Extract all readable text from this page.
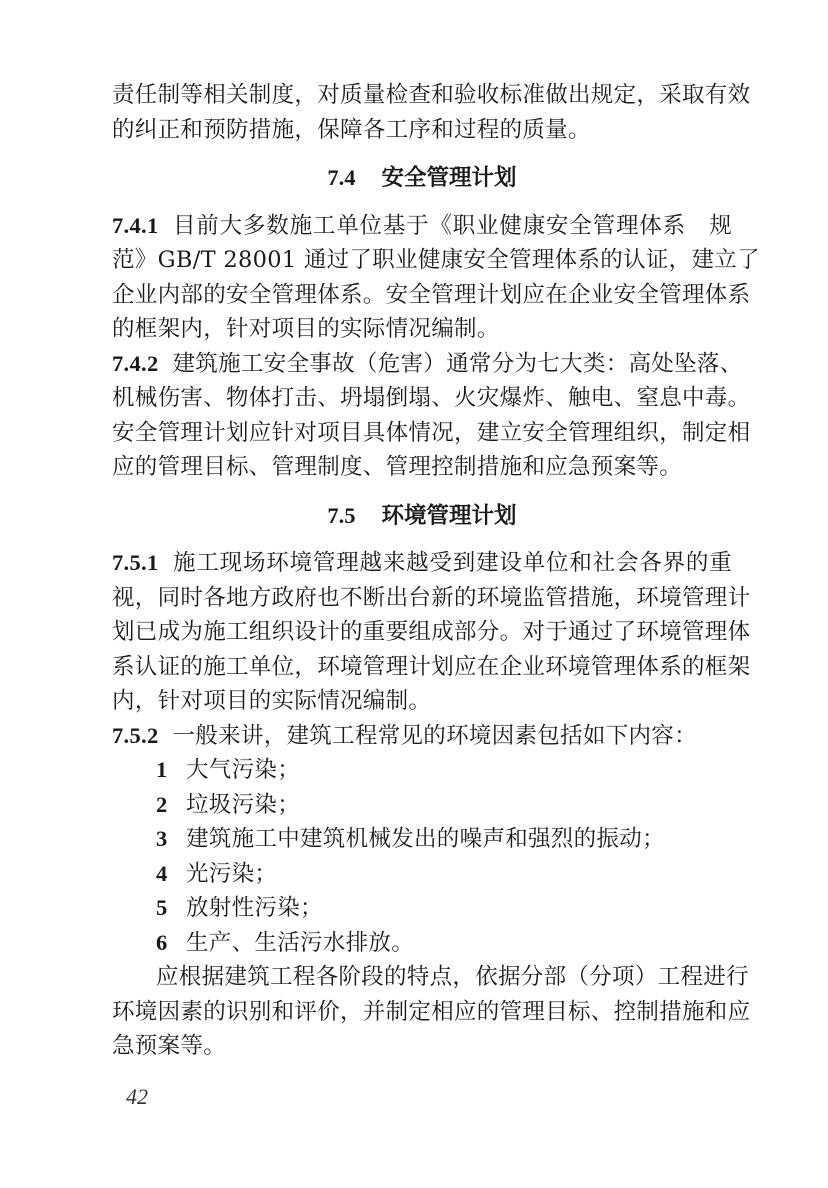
责任制等相关制度，对质量检查和验收标准做出规定，采取有效
的纠正和预防措施，保障各工序和过程的质量。
7.4 安全管理计划
7.4.1 目前大多数施工单位基于《职业健康安全管理体系　规
范》GB/T 28001 通过了职业健康安全管理体系的认证，建立了
企业内部的安全管理体系。安全管理计划应在企业安全管理体系
的框架内，针对项目的实际情况编制。
7.4.2 建筑施工安全事故（危害）通常分为七大类：高处坠落、
机械伤害、物体打击、坍塌倒塌、火灾爆炸、触电、窒息中毒。
安全管理计划应针对项目具体情况，建立安全管理组织，制定相
应的管理目标、管理制度、管理控制措施和应急预案等。
7.5 环境管理计划
7.5.1 施工现场环境管理越来越受到建设单位和社会各界的重
视，同时各地方政府也不断出台新的环境监管措施，环境管理计
划已成为施工组织设计的重要组成部分。对于通过了环境管理体
系认证的施工单位，环境管理计划应在企业环境管理体系的框架
内，针对项目的实际情况编制。
7.5.2 一般来讲，建筑工程常见的环境因素包括如下内容：
1 大气污染；
2 垃圾污染；
3 建筑施工中建筑机械发出的噪声和强烈的振动；
4 光污染；
5 放射性污染；
6 生产、生活污水排放。
应根据建筑工程各阶段的特点，依据分部（分项）工程进行
环境因素的识别和评价，并制定相应的管理目标、控制措施和应
急预案等。
42
